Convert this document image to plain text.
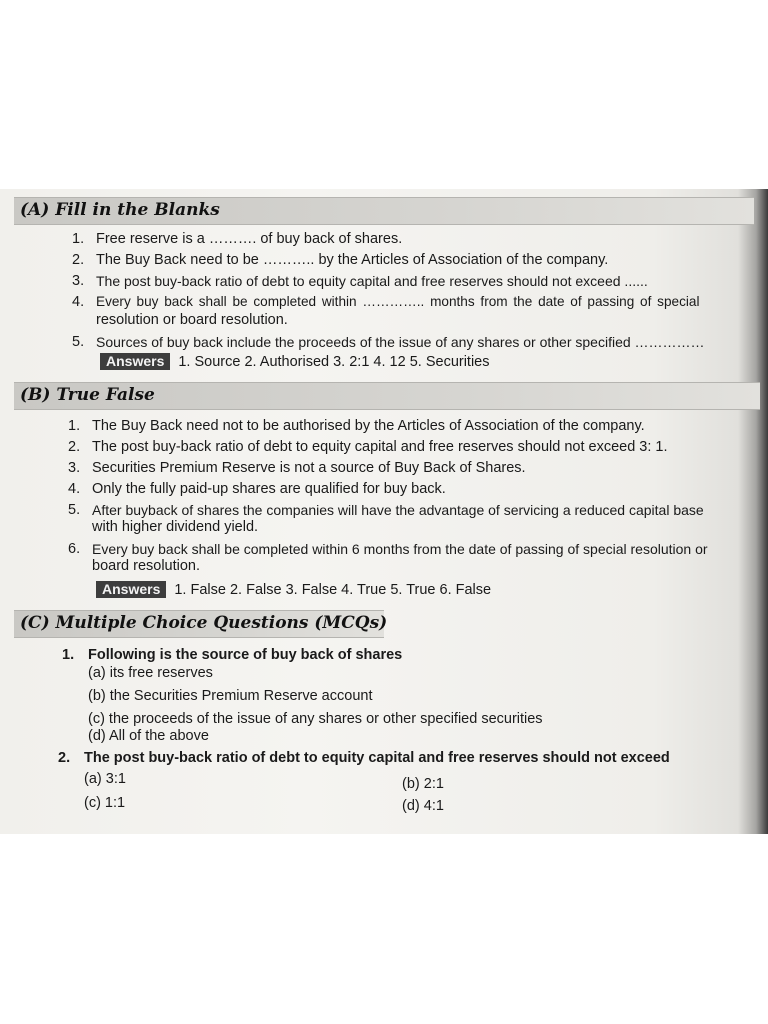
(A) Fill in the Blanks
1. Free reserve is a ………. of buy back of shares.
2. The Buy Back need to be ……….. by the Articles of Association of the company.
3. The post buy-back ratio of debt to equity capital and free reserves should not exceed ......
4. Every buy back shall be completed within ………….. months from the date of passing of special
resolution or board resolution.
5. Sources of buy back include the proceeds of the issue of any shares or other specified ……………
Answers 1. Source 2. Authorised 3. 2:1 4. 12 5. Securities
(B) True False
1. The Buy Back need not to be authorised by the Articles of Association of the company.
2. The post buy-back ratio of debt to equity capital and free reserves should not exceed 3: 1.
3. Securities Premium Reserve is not a source of Buy Back of Shares.
4. Only the fully paid-up shares are qualified for buy back.
5. After buyback of shares the companies will have the advantage of servicing a reduced capital base
with higher dividend yield.
6. Every buy back shall be completed within 6 months from the date of passing of special resolution or
board resolution.
Answers 1. False 2. False 3. False 4. True 5. True 6. False
(C) Multiple Choice Questions (MCQs)
1. Following is the source of buy back of shares
(a) its free reserves
(b) the Securities Premium Reserve account
(c) the proceeds of the issue of any shares or other specified securities
(d) All of the above
2. The post buy-back ratio of debt to equity capital and free reserves should not exceed
(a) 3:1	(b) 2:1
(c) 1:1	(d) 4:1
